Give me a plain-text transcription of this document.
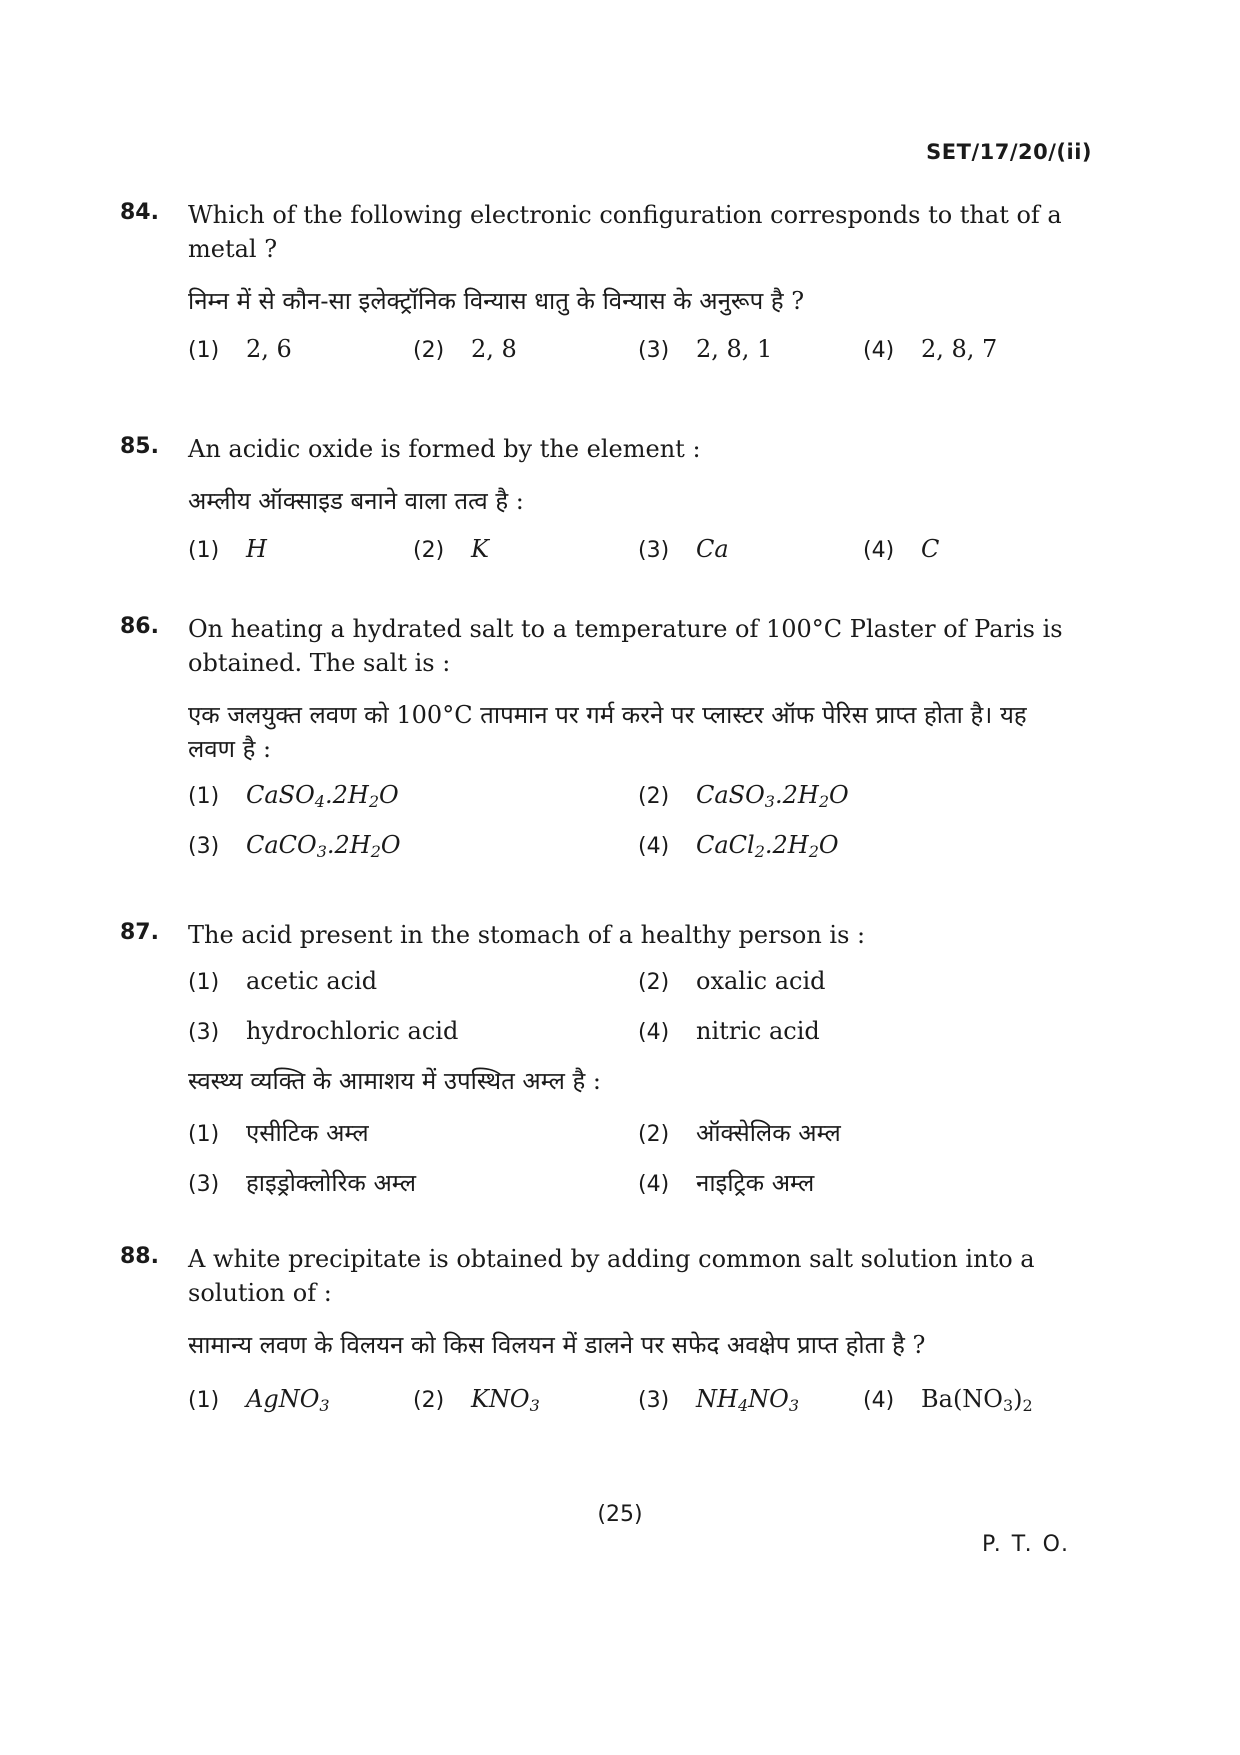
SET/17/20/(ii)
84. Which of the following electronic configuration corresponds to that of a metal ?
निम्न में से कौन-सा इलेक्ट्रॉनिक विन्यास धातु के विन्यास के अनुरूप है ?
(1) 2, 6	(2) 2, 8	(3) 2, 8, 1	(4) 2, 8, 7
85. An acidic oxide is formed by the element :
अम्लीय ऑक्साइड बनाने वाला तत्व है :
(1) H	(2) K	(3) Ca	(4) C
86. On heating a hydrated salt to a temperature of 100°C Plaster of Paris is obtained. The salt is :
एक जलयुक्त लवण को 100°C तापमान पर गर्म करने पर प्लास्टर ऑफ पेरिस प्राप्त होता है। यह लवण है :
(1) $CaSO_4.2H_2O$	(2) $CaSO_3.2H_2O$
(3) $CaCO_3.2H_2O$	(4) $CaCl_2.2H_2O$
87. The acid present in the stomach of a healthy person is :
(1) acetic acid	(2) oxalic acid
(3) hydrochloric acid	(4) nitric acid
स्वस्थ्य व्यक्ति के आमाशय में उपस्थित अम्ल है :
(1) एसीटिक अम्ल	(2) ऑक्सेलिक अम्ल
(3) हाइड्रोक्लोरिक अम्ल	(4) नाइट्रिक अम्ल
88. A white precipitate is obtained by adding common salt solution into a solution of :
सामान्य लवण के विलयन को किस विलयन में डालने पर सफेद अवक्षेप प्राप्त होता है ?
(1) AgNO$_3$	(2) $KNO_3$	(3) $NH_4NO_3$	(4) $Ba(NO_3)_2$
(25)
P. T. O.
